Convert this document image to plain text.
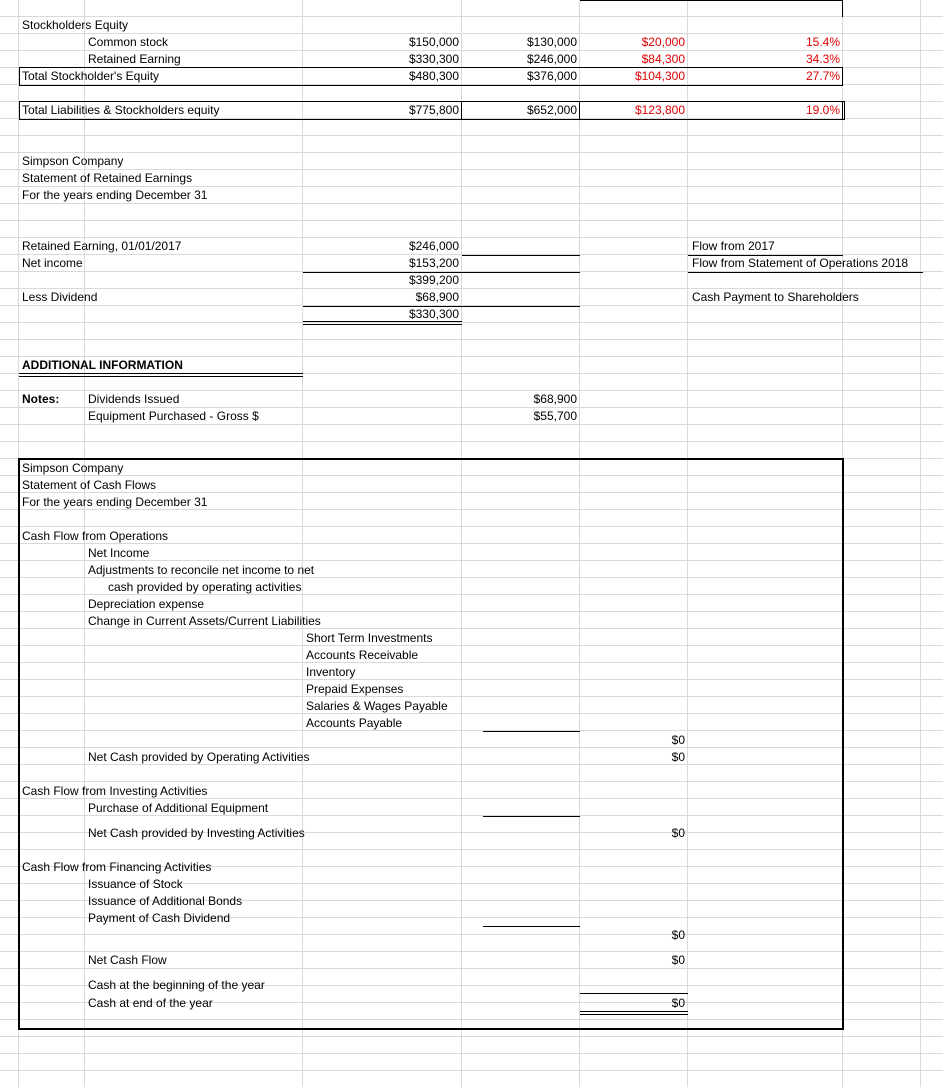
Stockholders Equity
Common stock	$150,000	$130,000	$20,000	15.4%
Retained Earning	$330,300	$246,000	$84,300	34.3%
Total Stockholder's Equity	$480,300	$376,000	$104,300	27.7%
Total Liabilities & Stockholders equity	$775,800	$652,000	$123,800	19.0%
Simpson Company
Statement of Retained Earnings
For the years ending December 31
Retained Earning, 01/01/2017	$246,000	Flow from 2017
Net income	$153,200	Flow from Statement of Operations 2018
$399,200
Less Dividend	$68,900	Cash Payment to Shareholders
$330,300
ADDITIONAL INFORMATION
Notes: Dividends Issued	$68,900
Equipment Purchased - Gross $	$55,700
Simpson Company
Statement of Cash Flows
For the years ending December 31
Cash Flow from Operations
Net Income
Adjustments to reconcile net income to net
cash provided by operating activities
Depreciation expense
Change in Current Assets/Current Liabilities
Short Term Investments
Accounts Receivable
Inventory
Prepaid Expenses
Salaries & Wages Payable
Accounts Payable
$0
Net Cash provided by Operating Activities	$0
Cash Flow from Investing Activities
Purchase of Additional Equipment
Net Cash provided by Investing Activities	$0
Cash Flow from Financing Activities
Issuance of Stock
Issuance of Additional Bonds
Payment of Cash Dividend
$0
Net Cash Flow	$0
Cash at the beginning of the year
Cash at end of the year	$0
